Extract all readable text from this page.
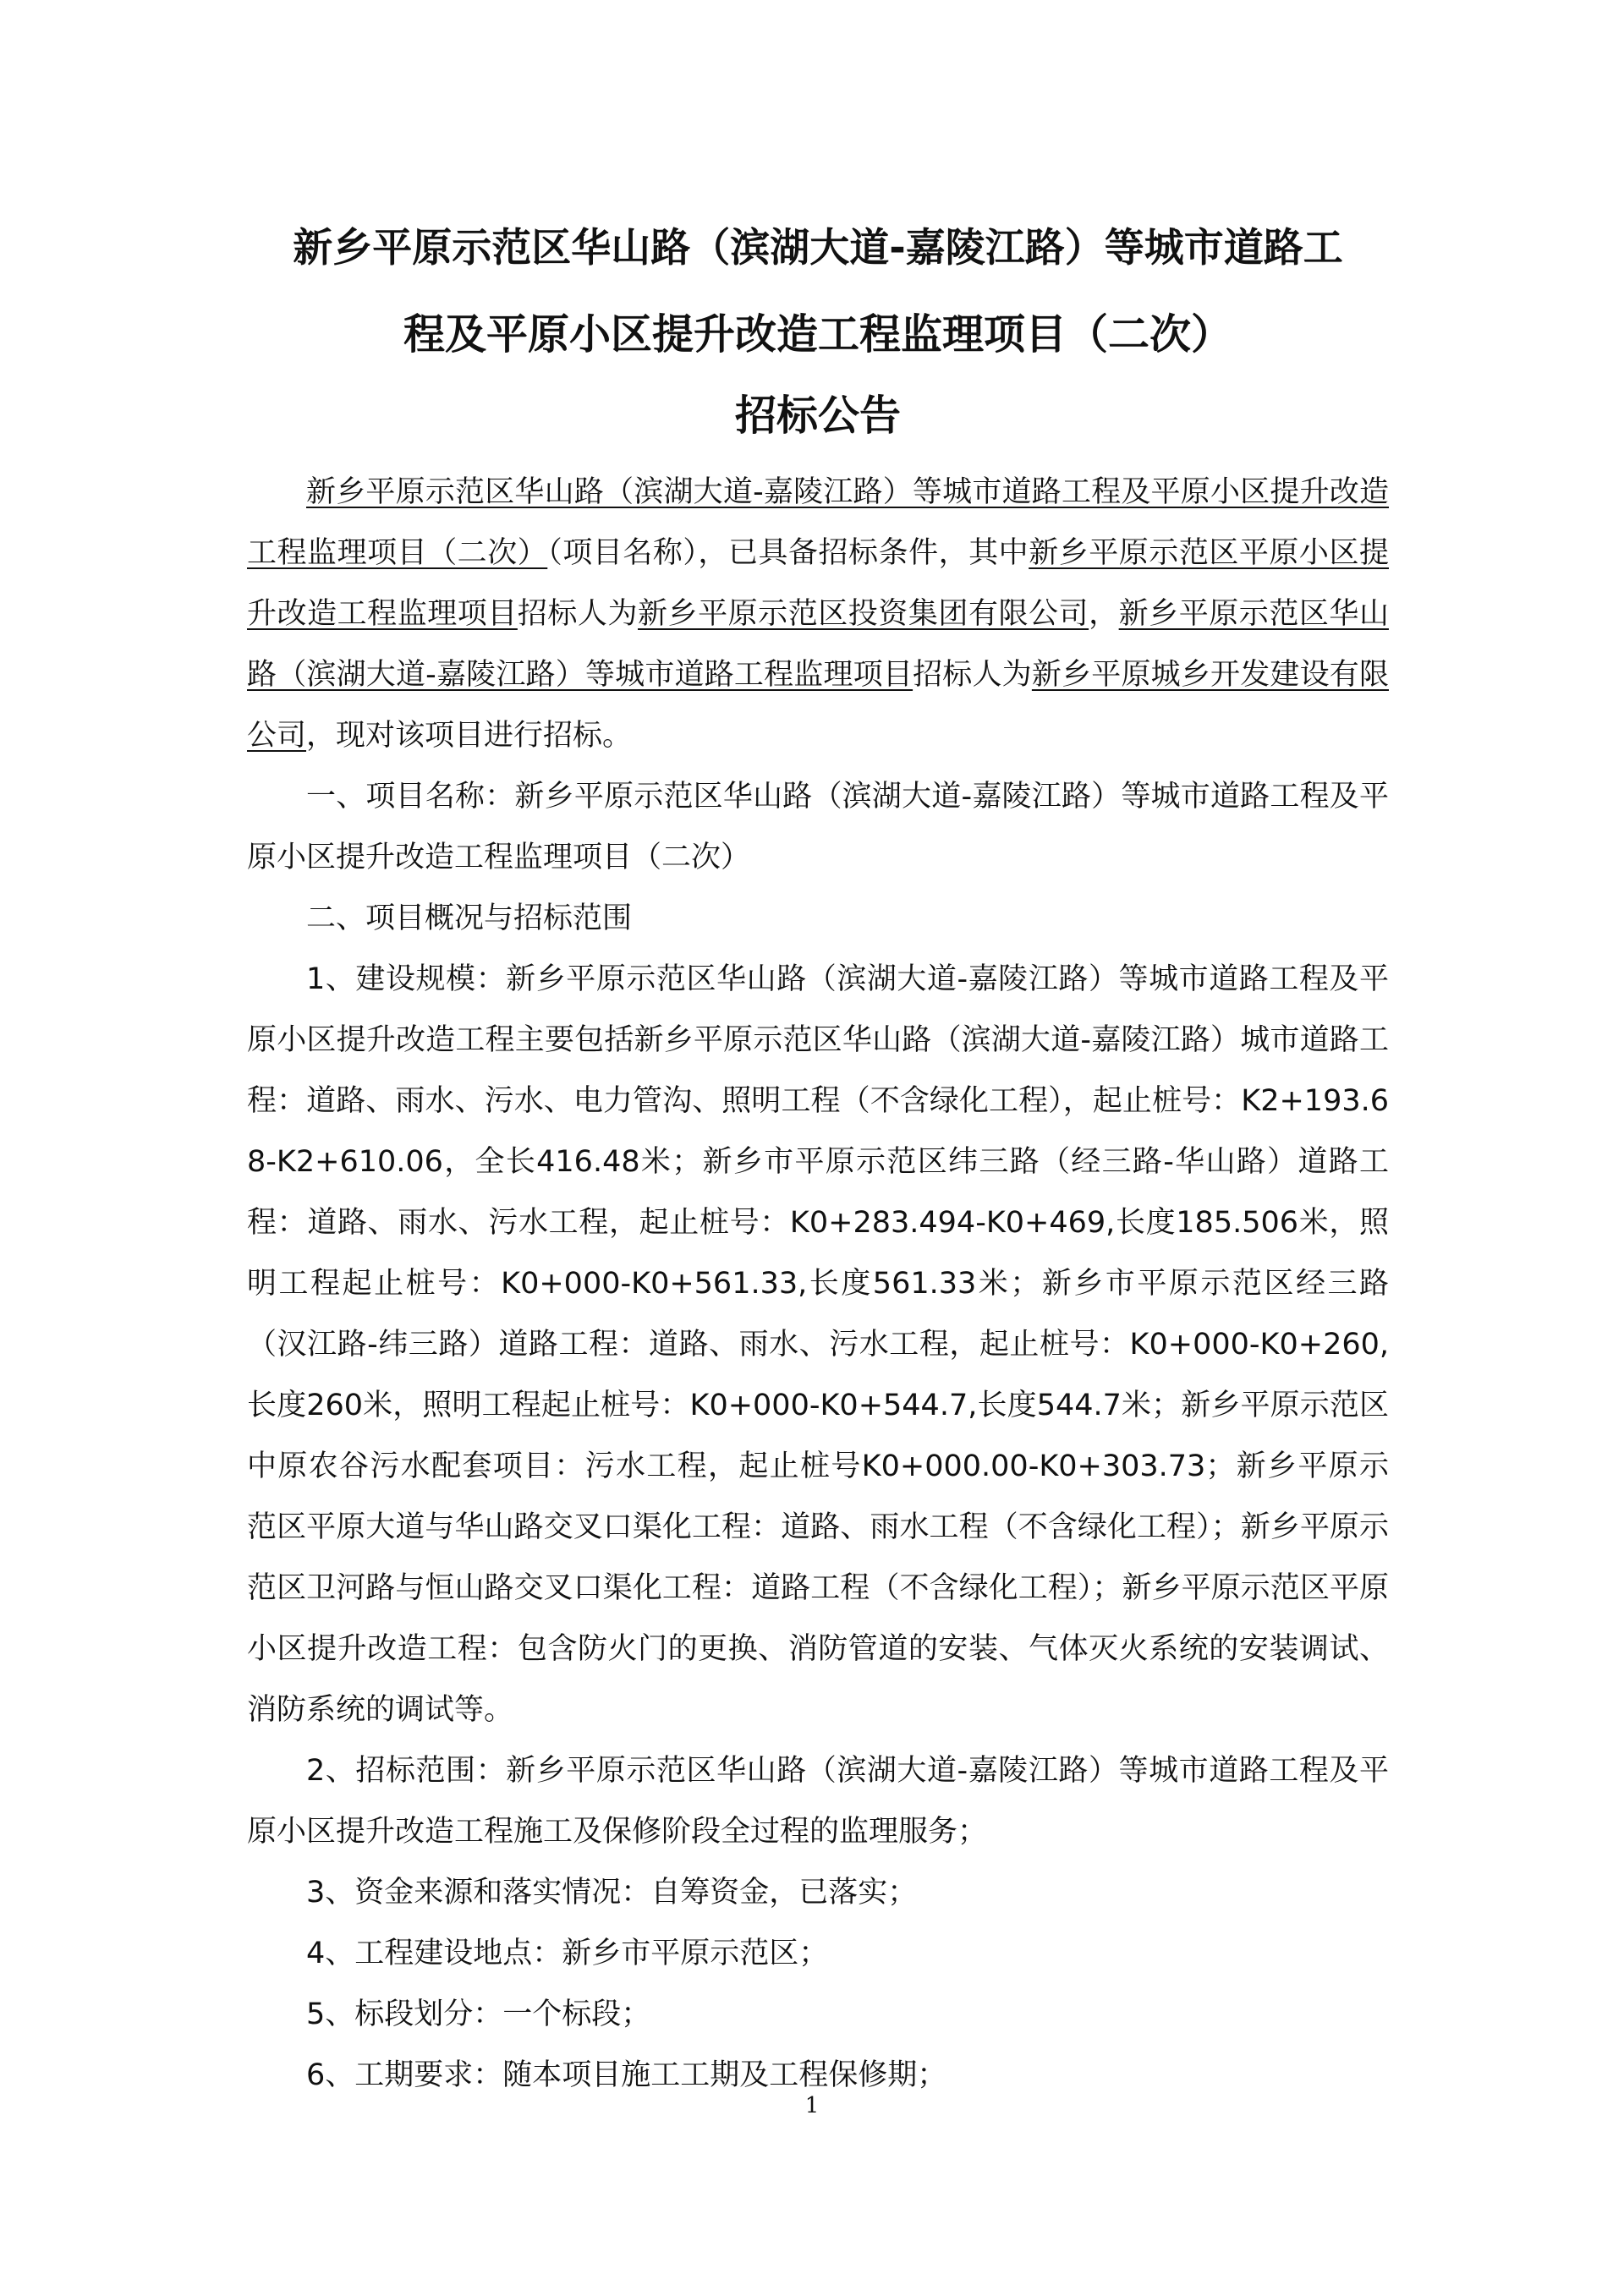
新乡平原示范区华山路（滨湖大道-嘉陵江路）等城市道路工
程及平原小区提升改造工程监理项目（二次）
招标公告

新乡平原示范区华山路（滨湖大道-嘉陵江路）等城市道路工程及平原小区提升改造工程监理项目（二次）（项目名称），已具备招标条件，其中新乡平原示范区平原小区提升改造工程监理项目招标人为新乡平原示范区投资集团有限公司，新乡平原示范区华山路（滨湖大道-嘉陵江路）等城市道路工程监理项目招标人为新乡平原城乡开发建设有限公司，现对该项目进行招标。

一、项目名称：新乡平原示范区华山路（滨湖大道-嘉陵江路）等城市道路工程及平原小区提升改造工程监理项目（二次）

二、项目概况与招标范围

1、建设规模：新乡平原示范区华山路（滨湖大道-嘉陵江路）等城市道路工程及平原小区提升改造工程主要包括新乡平原示范区华山路（滨湖大道-嘉陵江路）城市道路工程：道路、雨水、污水、电力管沟、照明工程（不含绿化工程），起止桩号：K2+193.68-K2+610.06，全长416.48米；新乡市平原示范区纬三路（经三路-华山路）道路工程：道路、雨水、污水工程，起止桩号：K0+283.494-K0+469,长度185.506米，照明工程起止桩号：K0+000-K0+561.33,长度561.33米；新乡市平原示范区经三路（汉江路-纬三路）道路工程：道路、雨水、污水工程，起止桩号：K0+000-K0+260,长度260米，照明工程起止桩号：K0+000-K0+544.7,长度544.7米；新乡平原示范区中原农谷污水配套项目：污水工程，起止桩号K0+000.00-K0+303.73；新乡平原示范区平原大道与华山路交叉口渠化工程：道路、雨水工程（不含绿化工程）；新乡平原示范区卫河路与恒山路交叉口渠化工程：道路工程（不含绿化工程）；新乡平原示范区平原小区提升改造工程：包含防火门的更换、消防管道的安装、气体灭火系统的安装调试、消防系统的调试等。

2、招标范围：新乡平原示范区华山路（滨湖大道-嘉陵江路）等城市道路工程及平原小区提升改造工程施工及保修阶段全过程的监理服务；

3、资金来源和落实情况：自筹资金，已落实；

4、工程建设地点：新乡市平原示范区；

5、标段划分：一个标段；

6、工期要求：随本项目施工工期及工程保修期；

1
